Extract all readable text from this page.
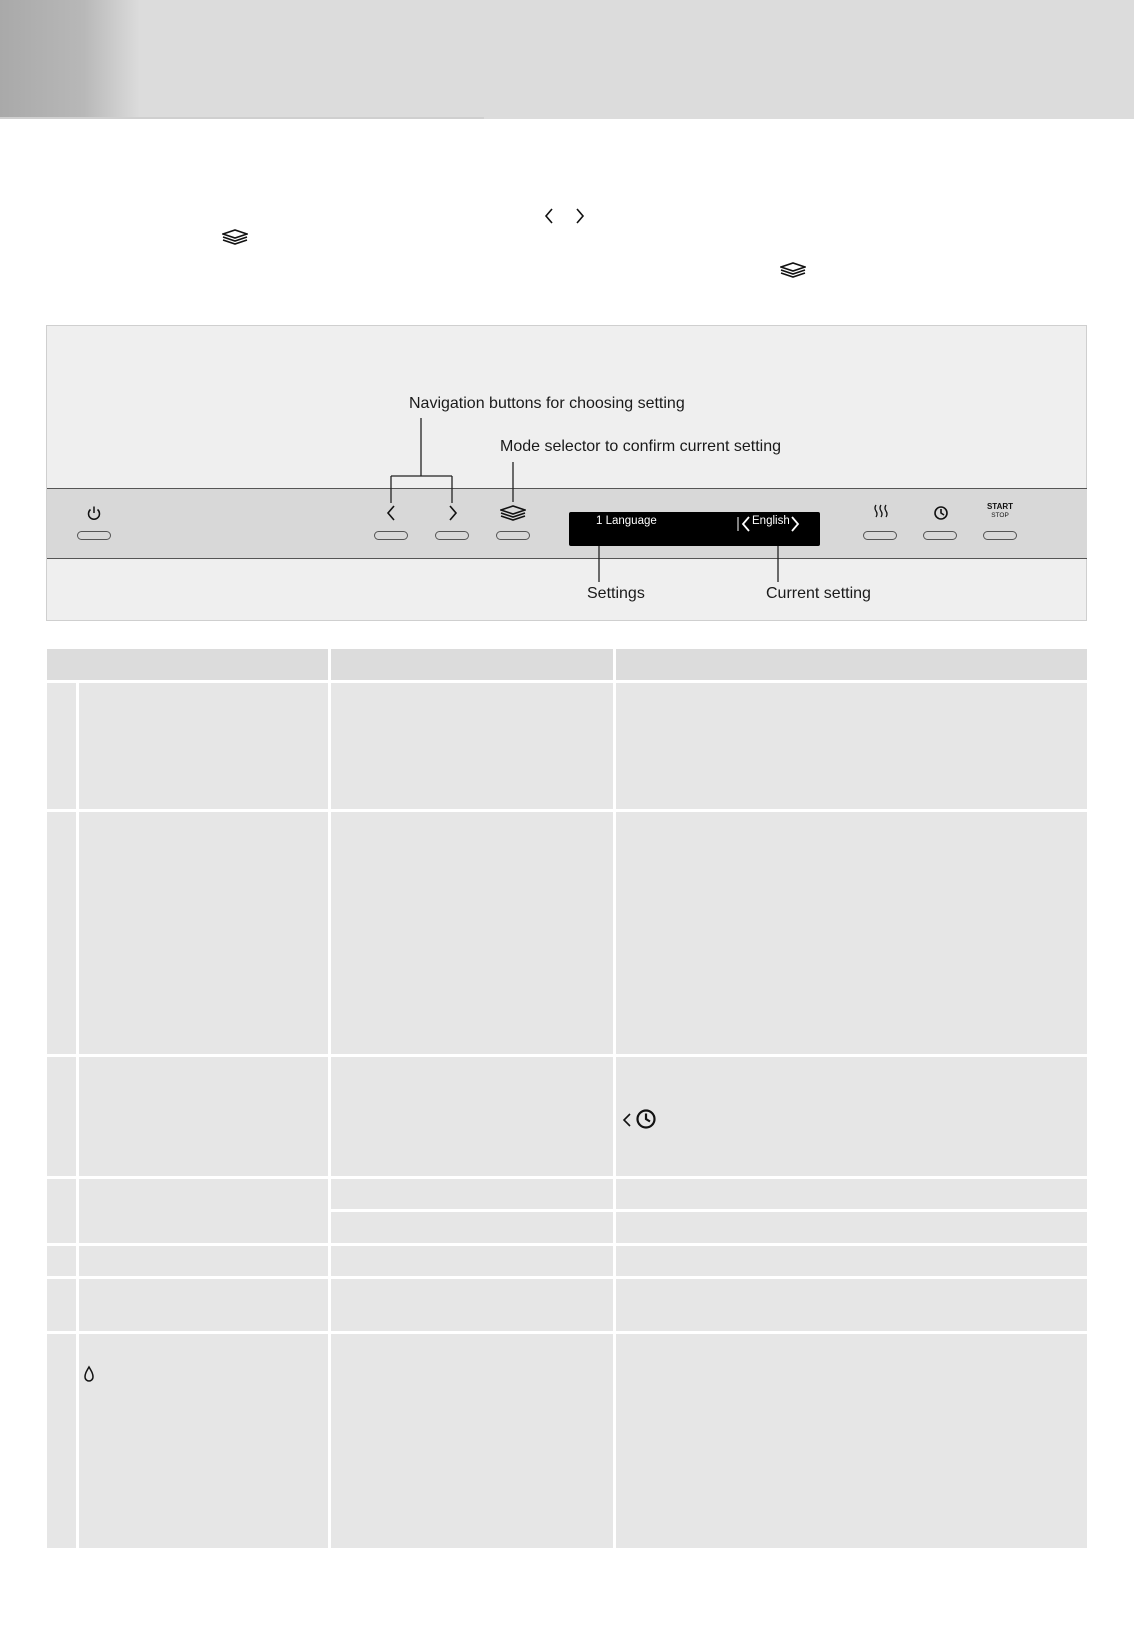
Navigation buttons for choosing setting
Mode selector to confirm current setting
Settings	Current setting
1 Language	English
START
STOP
